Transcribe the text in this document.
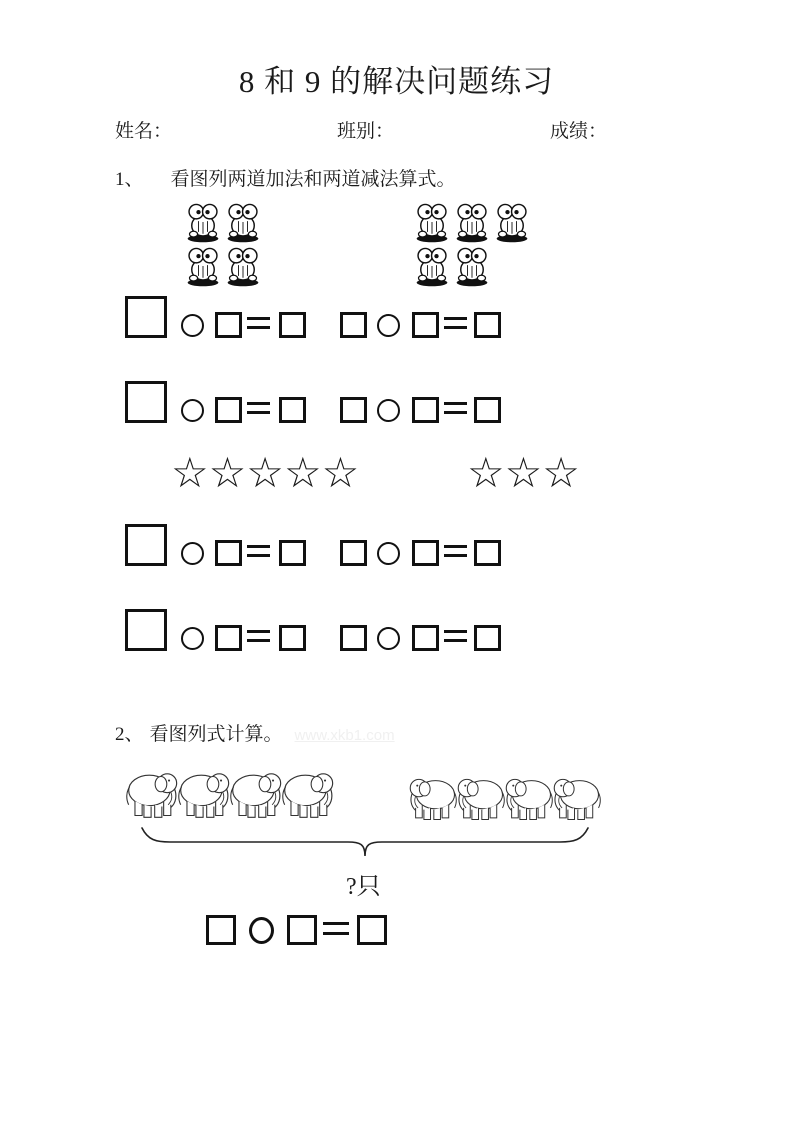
8 和 9 的解决问题练习
姓名：	班别：	成绩：
1、 看图列两道加法和两道减法算式。
☆☆☆☆☆	☆☆☆
2、 看图列式计算。 www.xkb1.com
?只
